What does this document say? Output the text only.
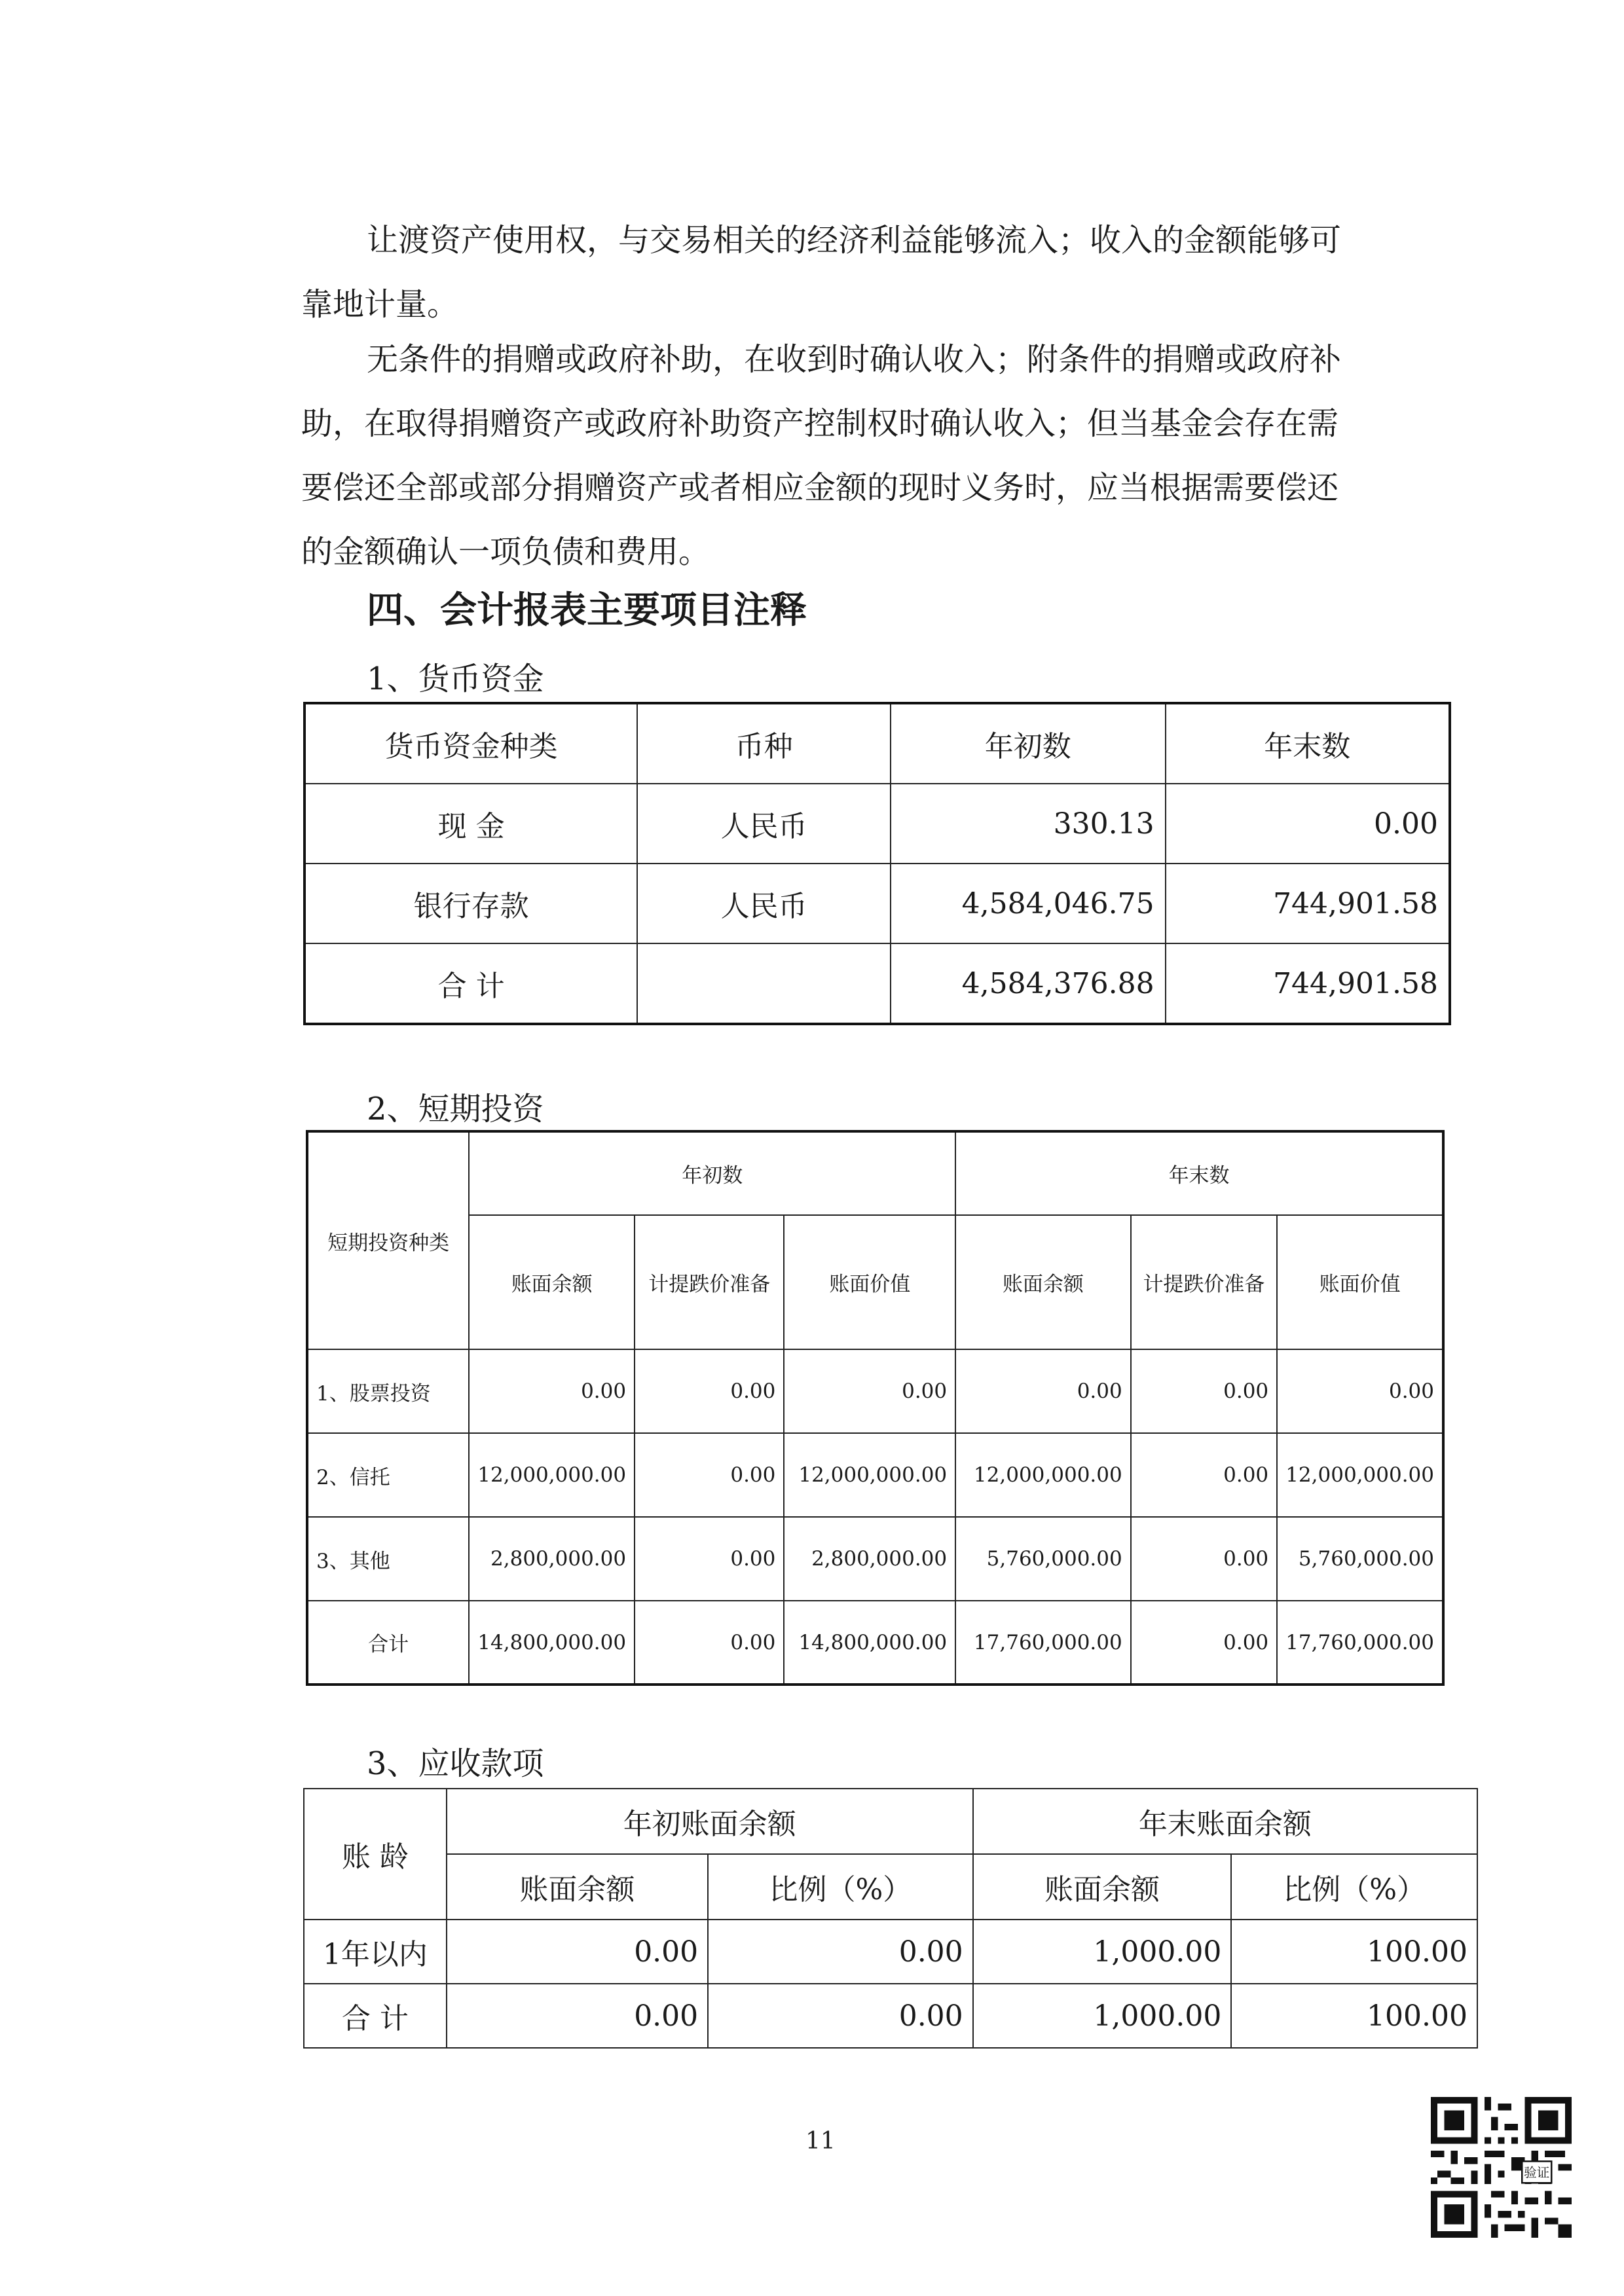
让渡资产使用权，与交易相关的经济利益能够流入；收入的金额能够可
靠地计量。
无条件的捐赠或政府补助，在收到时确认收入；附条件的捐赠或政府补
助，在取得捐赠资产或政府补助资产控制权时确认收入；但当基金会存在需
要偿还全部或部分捐赠资产或者相应金额的现时义务时，应当根据需要偿还
的金额确认一项负债和费用。
四、会计报表主要项目注释
1、货币资金
货币资金种类	币种	年初数	年末数
现 金	人民币	330.13	0.00
银行存款	人民币	4,584,046.75	744,901.58
合 计		4,584,376.88	744,901.58
2、短期投资
短期投资种类	年初数			年末数		
	账面余额	计提跌价准备	账面价值	账面余额	计提跌价准备	账面价值
1、股票投资	0.00	0.00	0.00	0.00	0.00	0.00
2、信托	12,000,000.00	0.00	12,000,000.00	12,000,000.00	0.00	12,000,000.00
3、其他	2,800,000.00	0.00	2,800,000.00	5,760,000.00	0.00	5,760,000.00
合计	14,800,000.00	0.00	14,800,000.00	17,760,000.00	0.00	17,760,000.00
3、应收款项
账 龄	年初账面余额		年末账面余额	
	账面余额	比例（%）	账面余额	比例（%）
1年以内	0.00	0.00	1,000.00	100.00
合 计	0.00	0.00	1,000.00	100.00
11
验证
